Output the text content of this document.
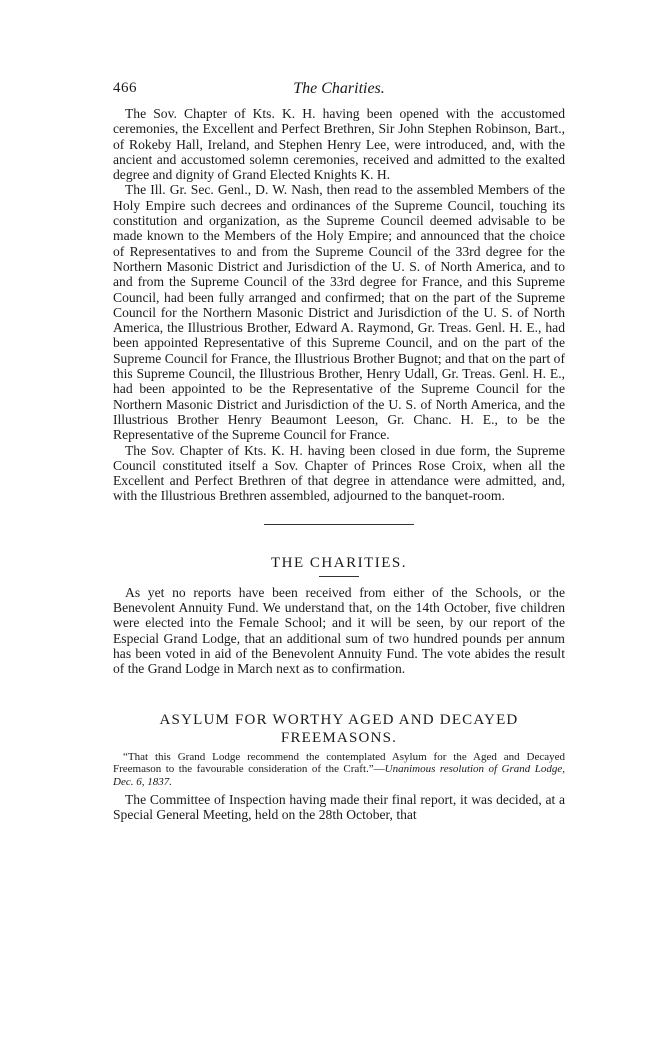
466	The Charities.

The Sov. Chapter of Kts. K. H. having been opened with the accustomed ceremonies, the Excellent and Perfect Brethren, Sir John Stephen Robinson, Bart., of Rokeby Hall, Ireland, and Stephen Henry Lee, were introduced, and, with the ancient and accustomed solemn ceremonies, received and admitted to the exalted degree and dignity of Grand Elected Knights K. H.

The Ill. Gr. Sec. Genl., D. W. Nash, then read to the assembled Members of the Holy Empire such decrees and ordinances of the Supreme Council, touching its constitution and organization, as the Supreme Council deemed advisable to be made known to the Members of the Holy Empire; and announced that the choice of Representatives to and from the Supreme Council of the 33rd degree for the Northern Masonic District and Jurisdiction of the U. S. of North America, and to and from the Supreme Council of the 33rd degree for France, and this Supreme Council, had been fully arranged and confirmed; that on the part of the Supreme Council for the Northern Masonic District and Jurisdiction of the U. S. of North America, the Illustrious Brother, Edward A. Raymond, Gr. Treas. Genl. H. E., had been appointed Representative of this Supreme Council, and on the part of the Supreme Council for France, the Illustrious Brother Bugnot; and that on the part of this Supreme Council, the Illustrious Brother, Henry Udall, Gr. Treas. Genl. H. E., had been appointed to be the Representative of the Supreme Council for the Northern Masonic District and Jurisdiction of the U. S. of North America, and the Illustrious Brother Henry Beaumont Leeson, Gr. Chanc. H. E., to be the Representative of the Supreme Council for France.

The Sov. Chapter of Kts. K. H. having been closed in due form, the Supreme Council constituted itself a Sov. Chapter of Princes Rose Croix, when all the Excellent and Perfect Brethren of that degree in attendance were admitted, and, with the Illustrious Brethren assembled, adjourned to the banquet-room.

THE CHARITIES.

As yet no reports have been received from either of the Schools, or the Benevolent Annuity Fund. We understand that, on the 14th October, five children were elected into the Female School; and it will be seen, by our report of the Especial Grand Lodge, that an additional sum of two hundred pounds per annum has been voted in aid of the Benevolent Annuity Fund. The vote abides the result of the Grand Lodge in March next as to confirmation.

ASYLUM FOR WORTHY AGED AND DECAYED
FREEMASONS.
“That this Grand Lodge recommend the contemplated Asylum for the Aged and Decayed Freemason to the favourable consideration of the Craft.”—Unanimous resolution of Grand Lodge, Dec. 6, 1837.

The Committee of Inspection having made their final report, it was decided, at a Special General Meeting, held on the 28th October, that
